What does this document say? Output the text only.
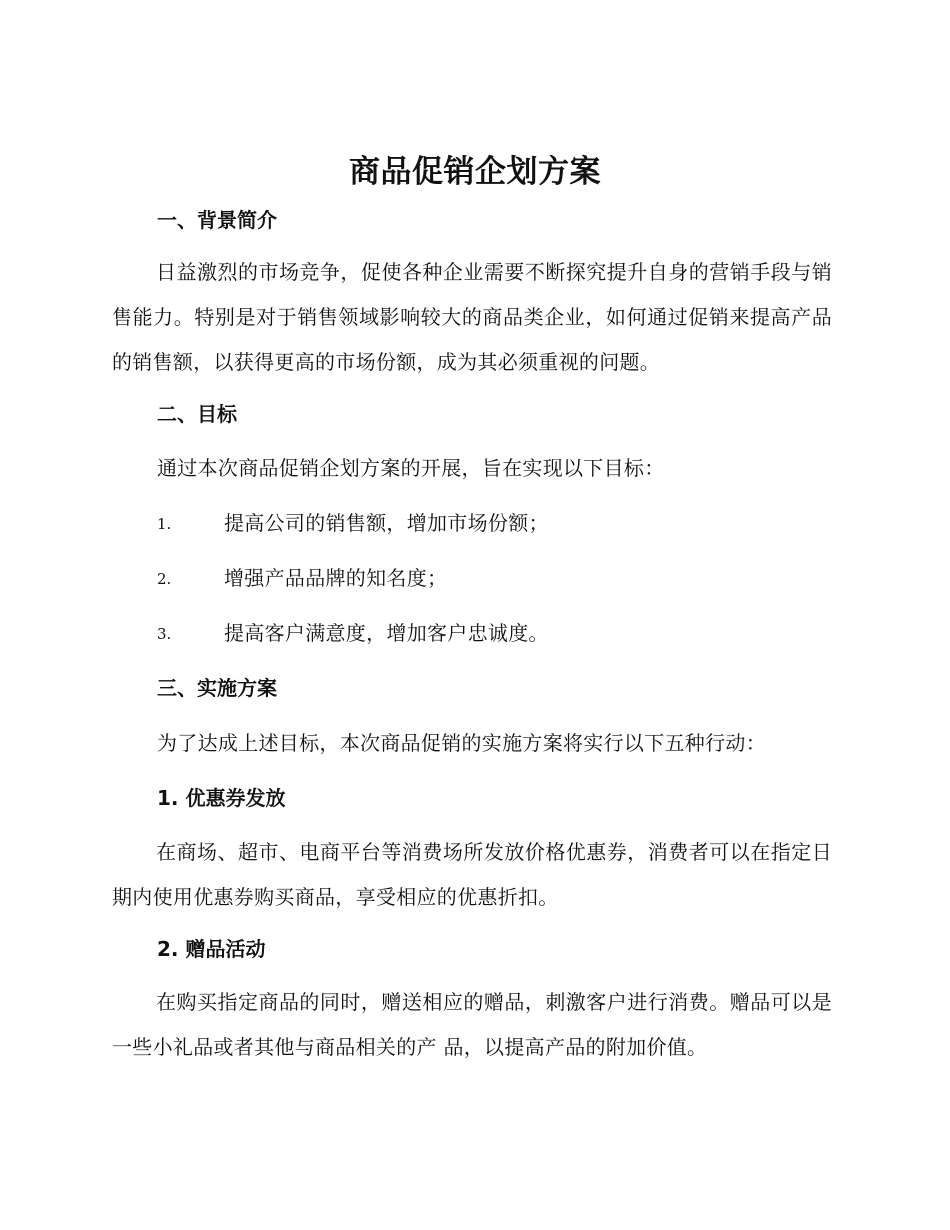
商品促销企划方案
一、背景简介

日益激烈的市场竞争，促使各种企业需要不断探究提升自身的营销手段与销售能力。特别是对于销售领域影响较大的商品类企业，如何通过促销来提高产品的销售额，以获得更高的市场份额，成为其必须重视的问题。

二、目标

通过本次商品促销企划方案的开展，旨在实现以下目标：

1.	提高公司的销售额，增加市场份额；
2.	增强产品品牌的知名度；
3.	提高客户满意度，增加客户忠诚度。
三、实施方案

为了达成上述目标，本次商品促销的实施方案将实行以下五种行动：

1. 优惠券发放

在商场、超市、电商平台等消费场所发放价格优惠券，消费者可以在指定日期内使用优惠券购买商品，享受相应的优惠折扣。

2. 赠品活动

在购买指定商品的同时，赠送相应的赠品，刺激客户进行消费。赠品可以是一些小礼品或者其他与商品相关的产 品，以提高产品的附加价值。
